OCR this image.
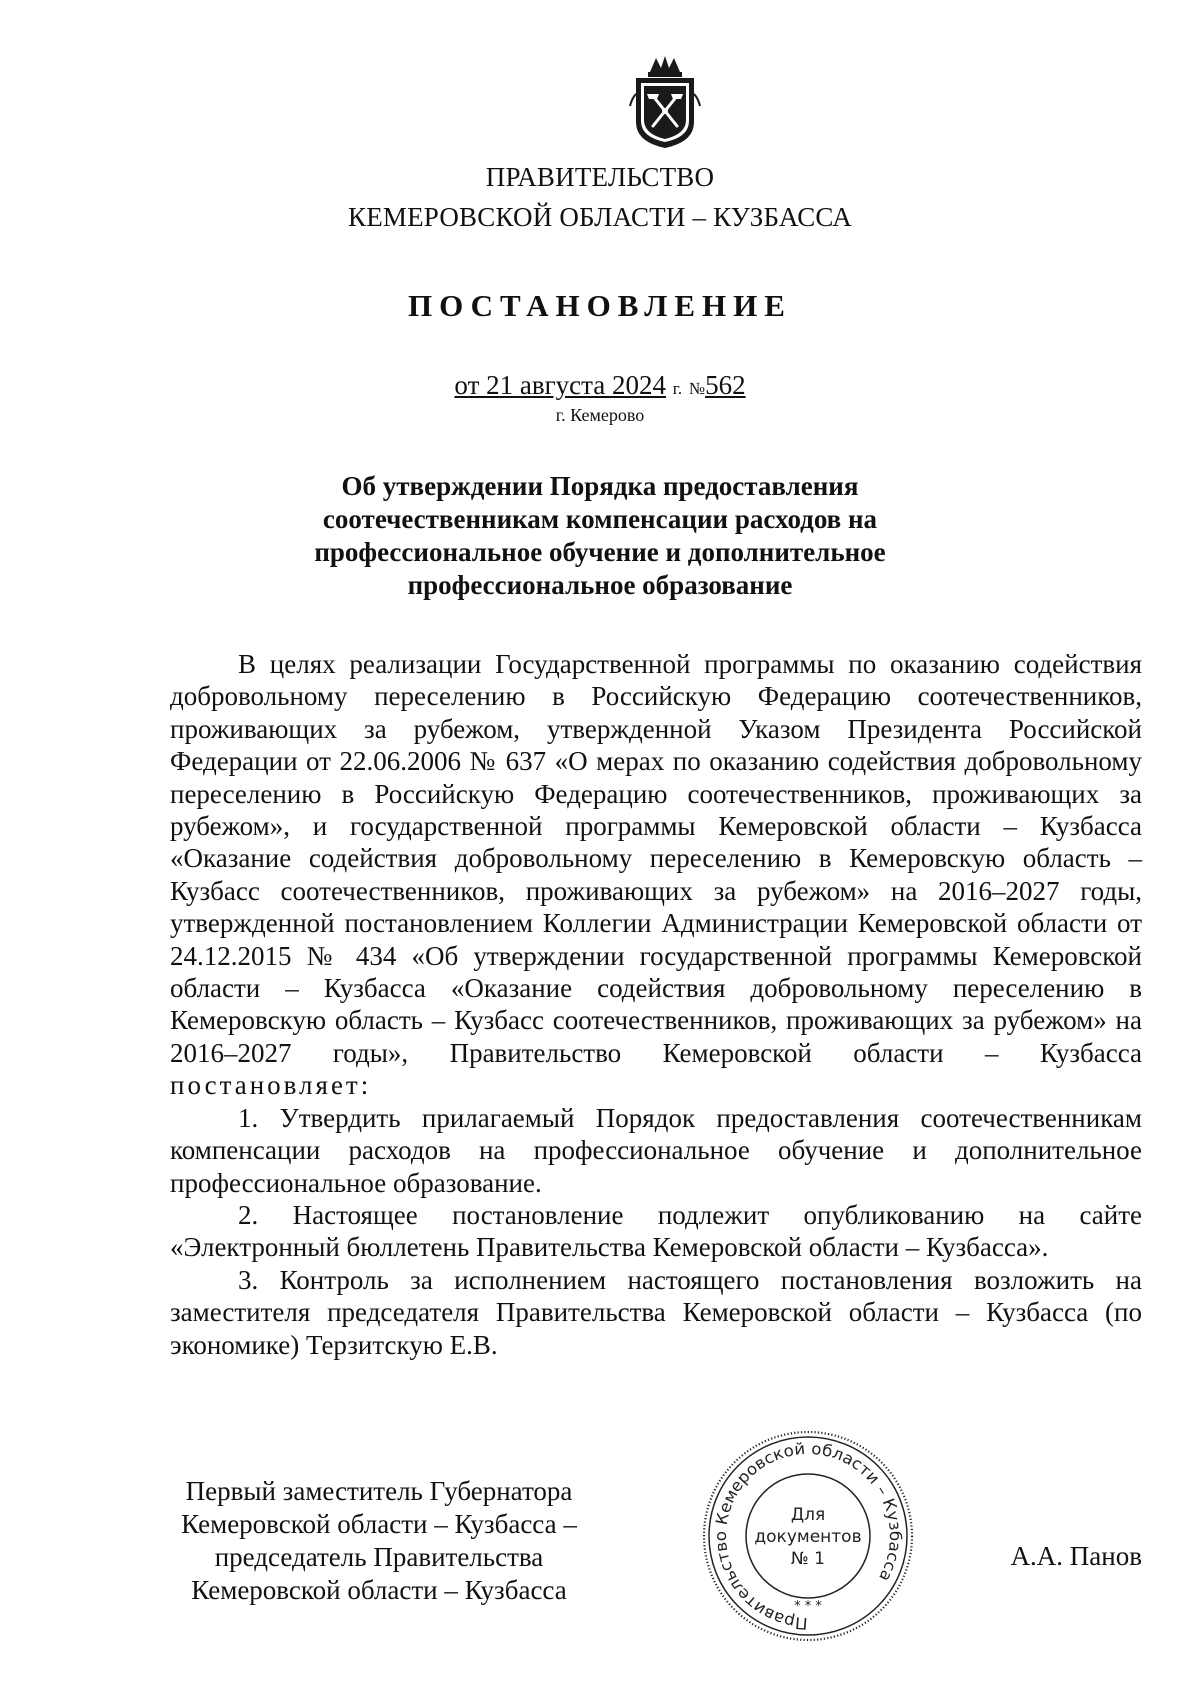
ПРАВИТЕЛЬСТВО
КЕМЕРОВСКОЙ ОБЛАСТИ – КУЗБАССА
ПОСТАНОВЛЕНИЕ
от 21 августа 2024 г. №562
г. Кемерово
Об утверждении Порядка предоставления
соотечественникам компенсации расходов на
профессиональное обучение и дополнительное
профессиональное образование

В целях реализации Государственной программы по оказанию содействия добровольному переселению в Российскую Федерацию соотечественников, проживающих за рубежом, утвержденной Указом Президента Российской Федерации от 22.06.2006 № 637 «О мерах по оказанию содействия добровольному переселению в Российскую Федерацию соотечественников, проживающих за рубежом», и государственной программы Кемеровской области – Кузбасса «Оказание содействия добровольному переселению в Кемеровскую область – Кузбасс соотечественников, проживающих за рубежом» на 2016–2027 годы, утвержденной постановлением Коллегии Администрации Кемеровской области от 24.12.2015 № 434 «Об утверждении государственной программы Кемеровской области – Кузбасса «Оказание содействия добровольному переселению в Кемеровскую область – Кузбасс соотечественников, проживающих за рубежом» на 2016–2027 годы», Правительство Кемеровской области – Кузбасса постановляет:

1. Утвердить прилагаемый Порядок предоставления соотечественникам компенсации расходов на профессиональное обучение и дополнительное профессиональное образование.

2. Настоящее постановление подлежит опубликованию на сайте «Электронный бюллетень Правительства Кемеровской области – Кузбасса».

3. Контроль за исполнением настоящего постановления возложить на заместителя председателя Правительства Кемеровской области – Кузбасса (по экономике) Терзитскую Е.В.

Первый заместитель Губернатора
Кемеровской области – Кузбасса –
председатель Правительства
Кемеровской области – Кузбасса
А.А. Панов
Правительство Кемеровской области – Кузбасса
* * *
Для
документов
№ 1
